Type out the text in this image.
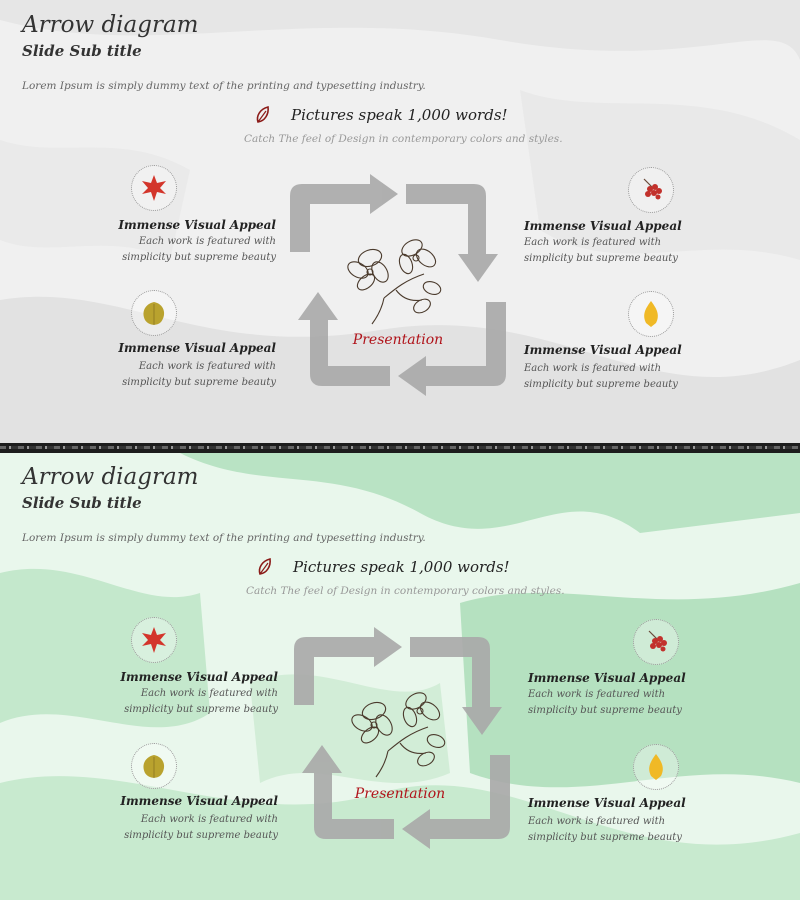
Arrow diagram
Slide Sub title
Lorem Ipsum is simply dummy text of the printing and typesetting industry.
Pictures speak 1,000 words!
Catch The feel of Design in contemporary colors and styles.
Presentation
Immense Visual Appeal
Each work is featured with
simplicity but supreme beauty
Immense Visual Appeal
Each work is featured with
simplicity but supreme beauty
Immense Visual Appeal
Each work is featured with
simplicity but supreme beauty
Immense Visual Appeal
Each work is featured with
simplicity but supreme beauty
Arrow diagram
Slide Sub title
Lorem Ipsum is simply dummy text of the printing and typesetting industry.
Pictures speak 1,000 words!
Catch The feel of Design in contemporary colors and styles.
Presentation
Immense Visual Appeal
Each work is featured with
simplicity but supreme beauty
Immense Visual Appeal
Each work is featured with
simplicity but supreme beauty
Immense Visual Appeal
Each work is featured with
simplicity but supreme beauty
Immense Visual Appeal
Each work is featured with
simplicity but supreme beauty
